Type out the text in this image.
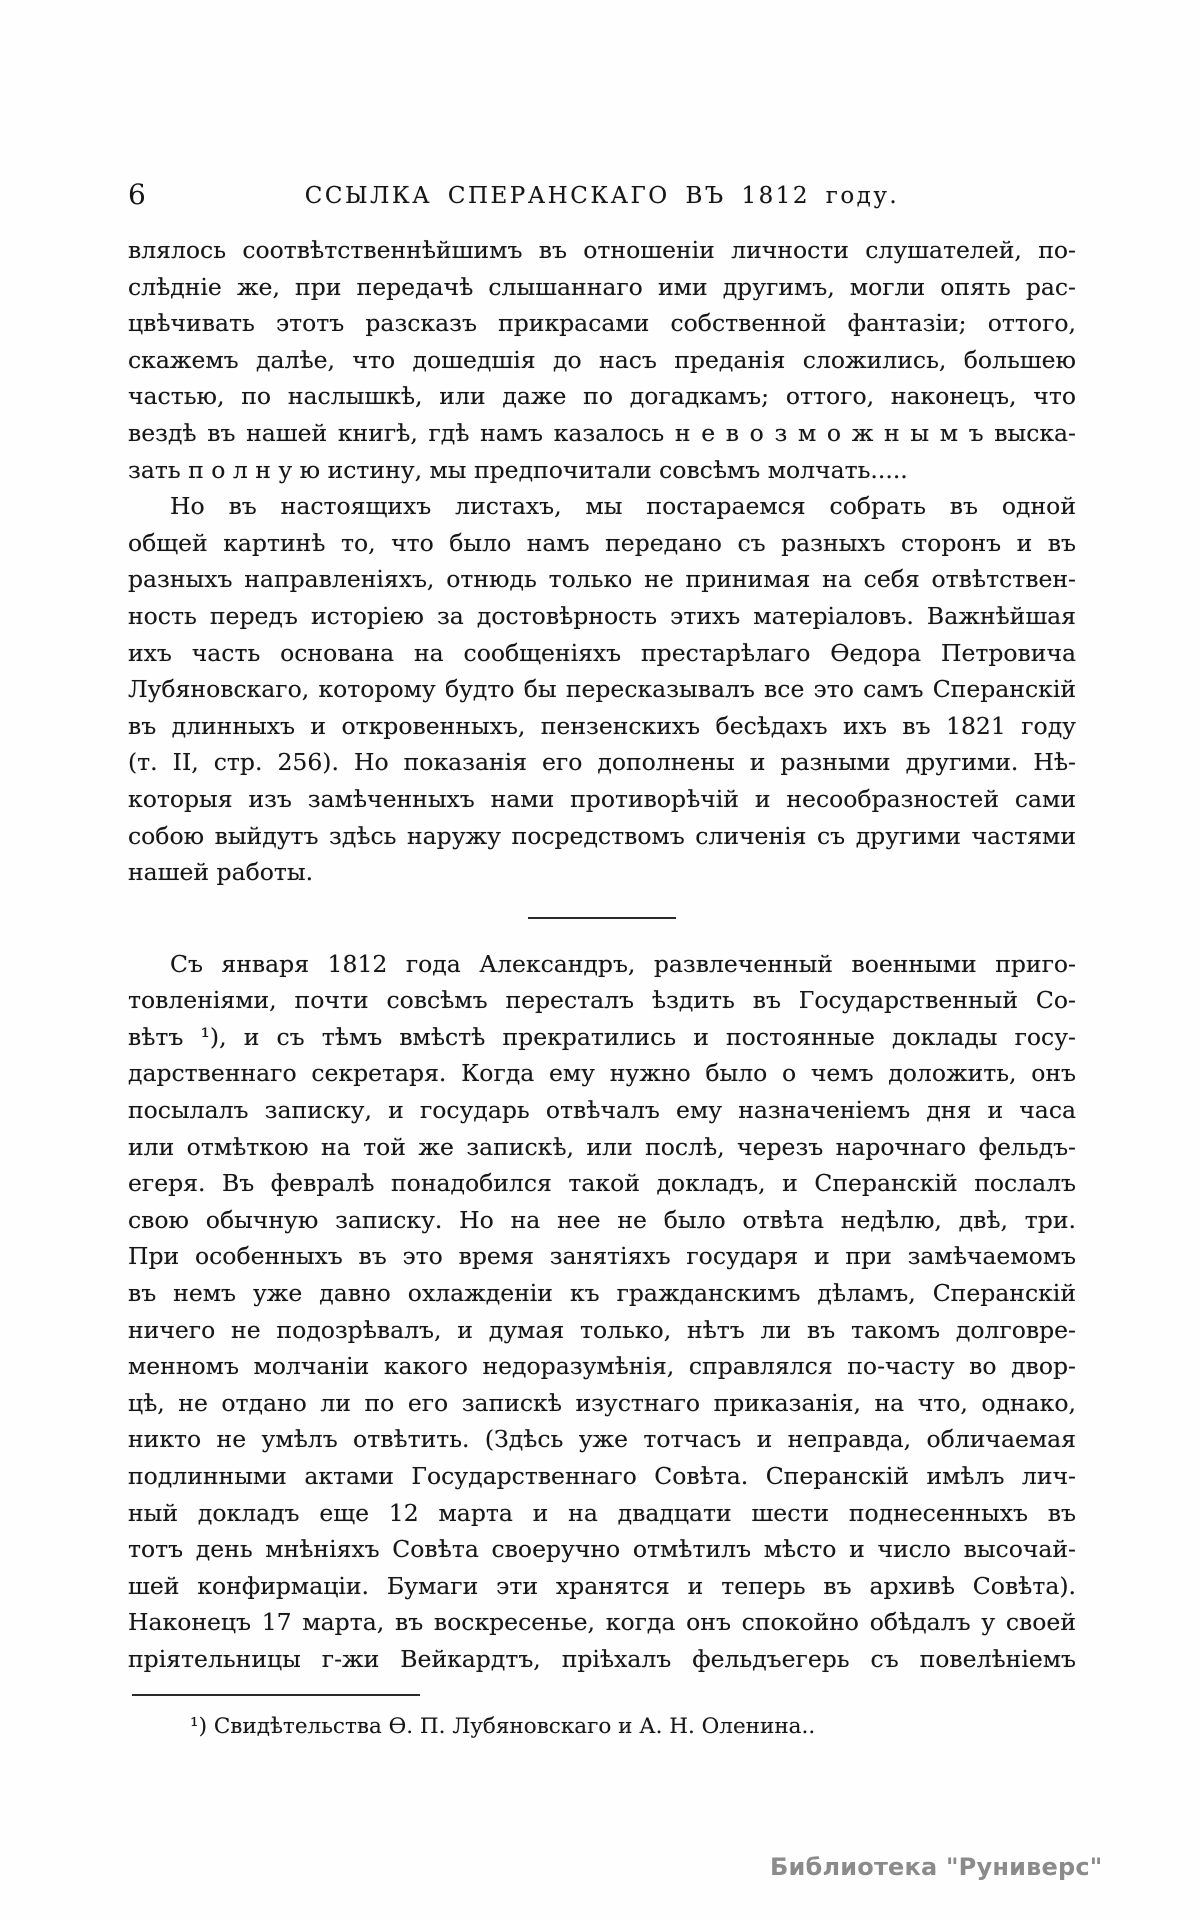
6	ССЫЛКА СПЕРАНСКАГО ВЪ 1812 году.
влялось соотвѣтственнѣйшимъ въ отношеніи личности слушателей, по-
слѣдніе же, при передачѣ слышаннаго ими другимъ, могли опять рас-
цвѣчивать этотъ разсказъ прикрасами собственной фантазіи; оттого,
скажемъ далѣе, что дошедшія до насъ преданія сложились, большею
частью, по наслышкѣ, или даже по догадкамъ; оттого, наконецъ, что
вездѣ въ нашей книгѣ, гдѣ намъ казалось н е в о з м о ж н ы м ъ выска-
зать п о л н у ю истину, мы предпочитали совсѣмъ молчать.....
Но въ настоящихъ листахъ, мы постараемся собрать въ одной
общей картинѣ то, что было намъ передано съ разныхъ сторонъ и въ
разныхъ направленіяхъ, отнюдь только не принимая на себя отвѣтствен-
ность передъ исторіею за достовѣрность этихъ матеріаловъ. Важнѣйшая
ихъ часть основана на сообщеніяхъ престарѣлаго Ѳедора Петровича
Лубяновскаго, которому будто бы пересказывалъ все это самъ Сперанскій
въ длинныхъ и откровенныхъ, пензенскихъ бесѣдахъ ихъ въ 1821 году
(т. II, стр. 256). Но показанія его дополнены и разными другими. Нѣ-
которыя изъ замѣченныхъ нами противорѣчій и несообразностей сами
собою выйдутъ здѣсь наружу посредствомъ сличенія съ другими частями
нашей работы.
Съ января 1812 года Александръ, развлеченный военными приго-
товленіями, почти совсѣмъ пересталъ ѣздить въ Государственный Со-
вѣтъ ¹), и съ тѣмъ вмѣстѣ прекратились и постоянные доклады госу-
дарственнаго секретаря. Когда ему нужно было о чемъ доложить, онъ
посылалъ записку, и государь отвѣчалъ ему назначеніемъ дня и часа
или отмѣткою на той же запискѣ, или послѣ, черезъ нарочнаго фельдъ-
егеря. Въ февралѣ понадобился такой докладъ, и Сперанскій послалъ
свою обычную записку. Но на нее не было отвѣта недѣлю, двѣ, три.
При особенныхъ въ это время занятіяхъ государя и при замѣчаемомъ
въ немъ уже давно охлажденіи къ гражданскимъ дѣламъ, Сперанскій
ничего не подозрѣвалъ, и думая только, нѣтъ ли въ такомъ долговре-
менномъ молчаніи какого недоразумѣнія, справлялся по-часту во двор-
цѣ, не отдано ли по его запискѣ изустнаго приказанія, на что, однако,
никто не умѣлъ отвѣтить. (Здѣсь уже тотчасъ и неправда, обличаемая
подлинными актами Государственнаго Совѣта. Сперанскій имѣлъ лич-
ный докладъ еще 12 марта и на двадцати шести поднесенныхъ въ
тотъ день мнѣніяхъ Совѣта своеручно отмѣтилъ мѣсто и число высочай-
шей конфирмаціи. Бумаги эти хранятся и теперь въ архивѣ Совѣта).
Наконецъ 17 марта, въ воскресенье, когда онъ спокойно обѣдалъ у своей
пріятельницы г-жи Вейкардтъ, пріѣхалъ фельдъегерь съ повелѣніемъ
¹) Свидѣтельства Ѳ. П. Лубяновскаго и А. Н. Оленина..
Библиотека "Руниверс"
